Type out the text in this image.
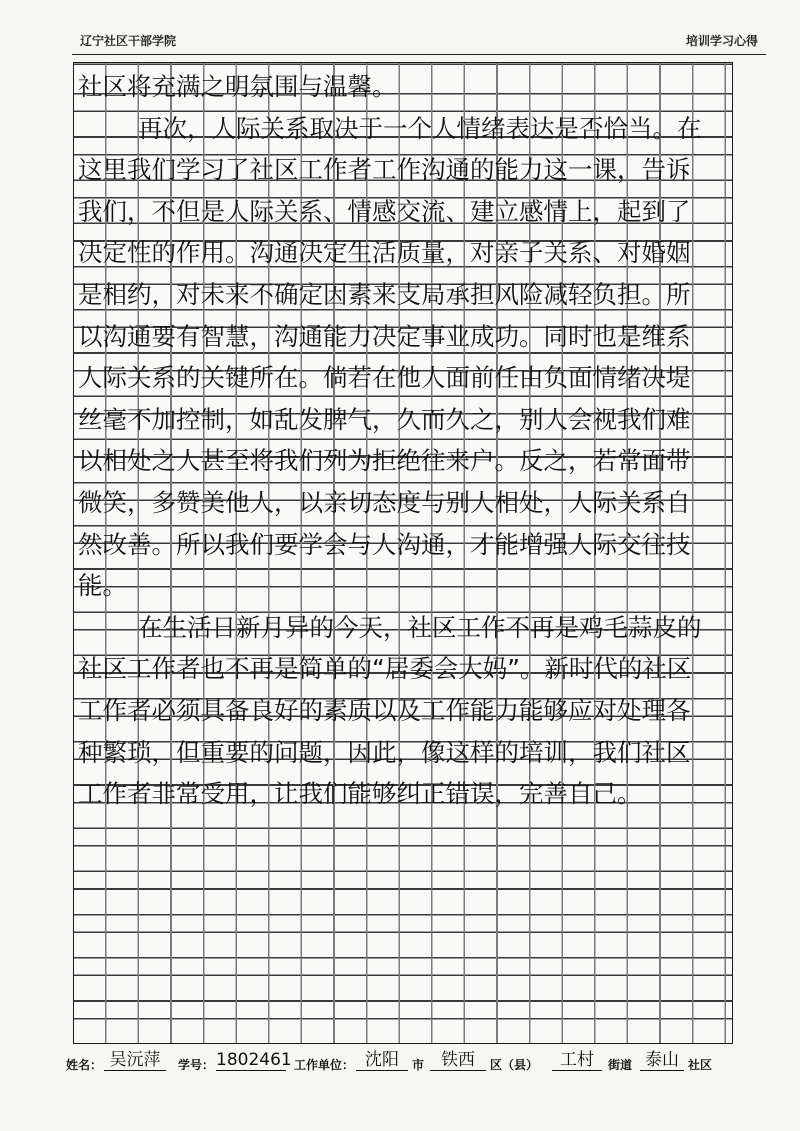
辽宁社区干部学院	培训学习心得
社区将充满之明氛围与温馨。
再次，人际关系取决于一个人情绪表达是否恰当。在
这里我们学习了社区工作者工作沟通的能力这一课，告诉
我们，不但是人际关系、情感交流、建立感情上，起到了
决定性的作用。沟通决定生活质量，对亲子关系、对婚姻
是相约，对未来不确定因素来支局承担风险减轻负担。所
以沟通要有智慧，沟通能力决定事业成功。同时也是维系
人际关系的关键所在。倘若在他人面前任由负面情绪决堤
丝毫不加控制，如乱发脾气，久而久之，别人会视我们难
以相处之人甚至将我们列为拒绝往来户。反之，若常面带
微笑，多赞美他人，以亲切态度与别人相处，人际关系自
然改善。所以我们要学会与人沟通，才能增强人际交往技
能。
在生活日新月异的今天，社区工作不再是鸡毛蒜皮的
社区工作者也不再是简单的“居委会大妈”。新时代的社区
工作者必须具备良好的素质以及工作能力能够应对处理各
种繁琐，但重要的问题，因此，像这样的培训，我们社区
工作者非常受用，让我们能够纠正错误，完善自己。
姓名： 吴沅萍	学号： 1802461 工作单位： 沈阳	市 铁西	区（县）	工村	街道 泰山 社区
